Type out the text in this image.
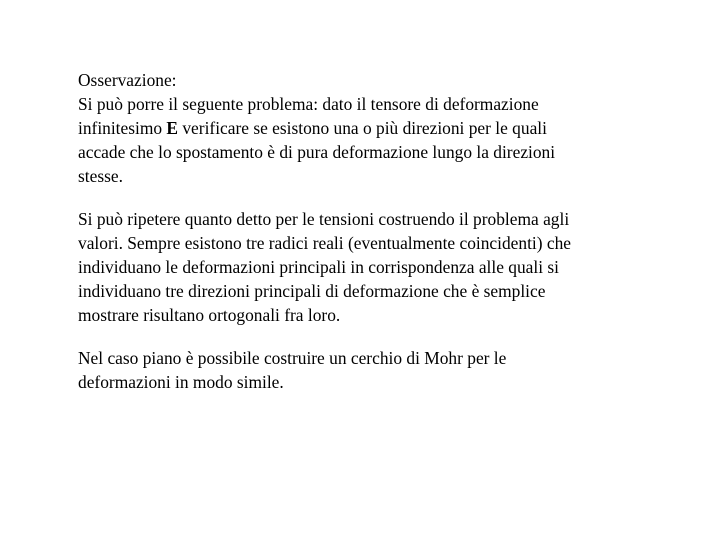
Osservazione:
Si può porre il seguente problema: dato il tensore di deformazione
infinitesimo E verificare se esistono una o più direzioni per le quali
accade che lo spostamento è di pura deformazione lungo la direzioni
stesse.
Si può ripetere quanto detto per le tensioni costruendo il problema agli
valori. Sempre esistono tre radici reali (eventualmente coincidenti) che
individuano le deformazioni principali in corrispondenza alle quali si
individuano tre direzioni principali di deformazione che è semplice
mostrare risultano ortogonali fra loro.
Nel caso piano è possibile costruire un cerchio di Mohr per le
deformazioni in modo simile.
